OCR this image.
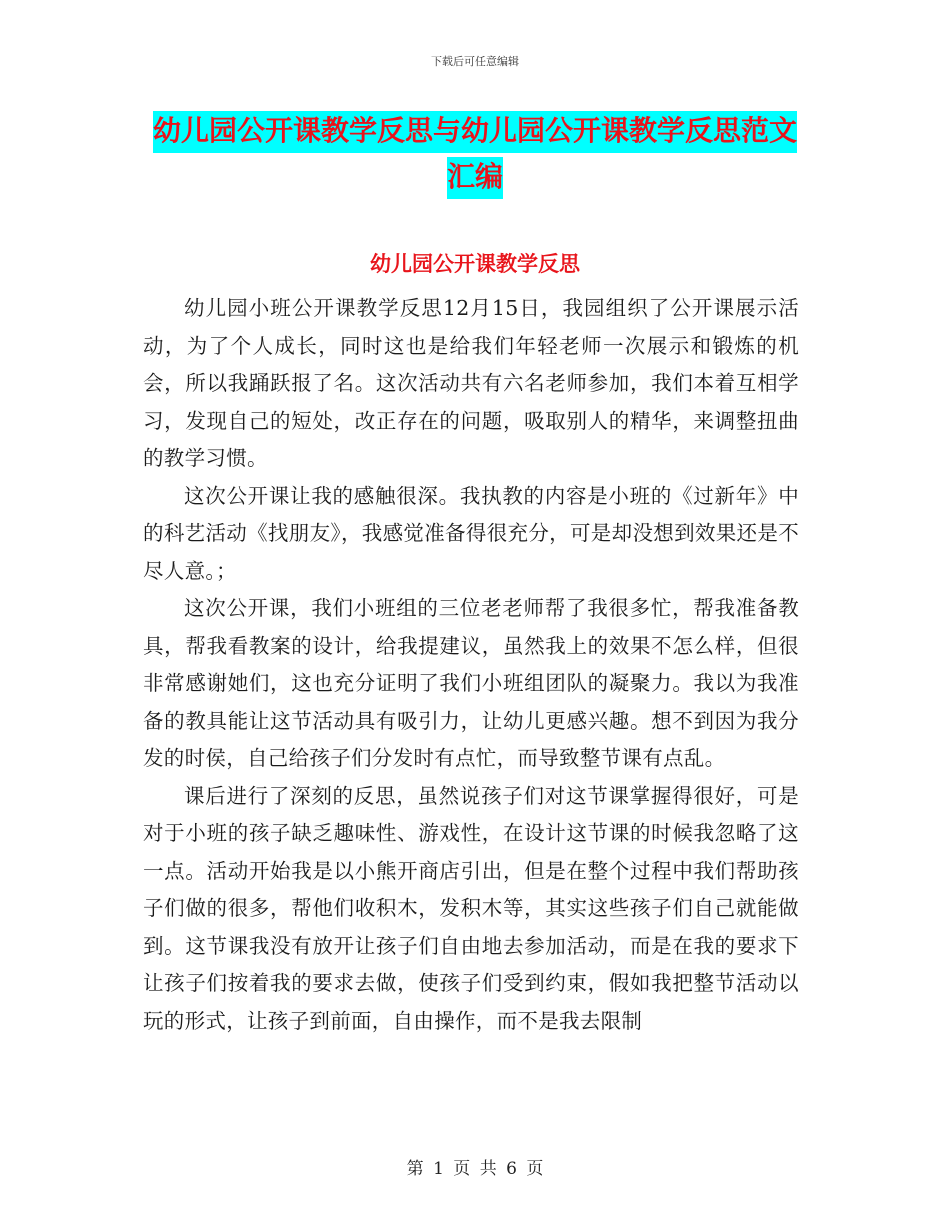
下载后可任意编辑
幼儿园公开课教学反思与幼儿园公开课教学反思范文汇编
幼儿园公开课教学反思

幼儿园小班公开课教学反思12月15日，我园组织了公开课展示活动，为了个人成长，同时这也是给我们年轻老师一次展示和锻炼的机会，所以我踊跃报了名。这次活动共有六名老师参加，我们本着互相学习，发现自己的短处，改正存在的问题，吸取别人的精华，来调整扭曲的教学习惯。

这次公开课让我的感触很深。我执教的内容是小班的《过新年》中的科艺活动《找朋友》，我感觉准备得很充分，可是却没想到效果还是不尽人意。；

这次公开课，我们小班组的三位老老师帮了我很多忙，帮我准备教具，帮我看教案的设计，给我提建议，虽然我上的效果不怎么样，但很非常感谢她们，这也充分证明了我们小班组团队的凝聚力。我以为我准备的教具能让这节活动具有吸引力，让幼儿更感兴趣。想不到因为我分发的时侯，自己给孩子们分发时有点忙，而导致整节课有点乱。

课后进行了深刻的反思，虽然说孩子们对这节课掌握得很好，可是对于小班的孩子缺乏趣味性、游戏性，在设计这节课的时候我忽略了这一点。活动开始我是以小熊开商店引出，但是在整个过程中我们帮助孩子们做的很多，帮他们收积木，发积木等，其实这些孩子们自己就能做到。这节课我没有放开让孩子们自由地去参加活动，而是在我的要求下让孩子们按着我的要求去做，使孩子们受到约束，假如我把整节活动以玩的形式，让孩子到前面，自由操作，而不是我去限制

第 1 页 共 6 页
